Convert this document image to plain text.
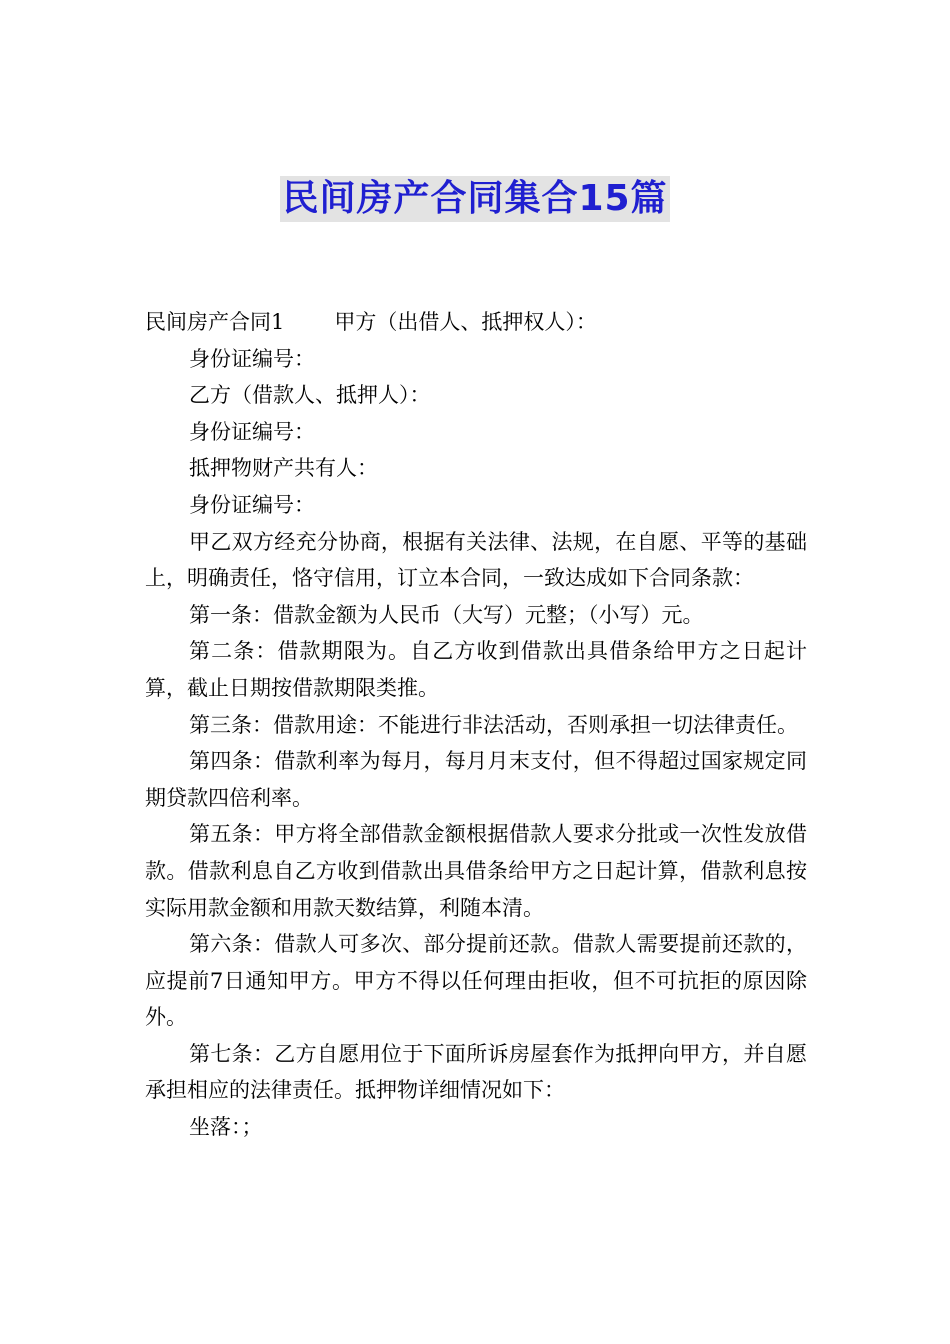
民间房产合同集合15篇

民间房产合同1 甲方（出借人、抵押权人）：

身份证编号：

乙方（借款人、抵押人）：

身份证编号：

抵押物财产共有人：

身份证编号：

甲乙双方经充分协商，根据有关法律、法规，在自愿、平等的基础上，明确责任，恪守信用，订立本合同，一致达成如下合同条款：

第一条：借款金额为人民币（大写）元整；（小写）元。

第二条：借款期限为。自乙方收到借款出具借条给甲方之日起计算，截止日期按借款期限类推。

第三条：借款用途：不能进行非法活动，否则承担一切法律责任。

第四条：借款利率为每月，每月月末支付，但不得超过国家规定同期贷款四倍利率。

第五条：甲方将全部借款金额根据借款人要求分批或一次性发放借款。借款利息自乙方收到借款出具借条给甲方之日起计算，借款利息按实际用款金额和用款天数结算，利随本清。

第六条：借款人可多次、部分提前还款。借款人需要提前还款的，应提前7日通知甲方。甲方不得以任何理由拒收，但不可抗拒的原因除外。

第七条：乙方自愿用位于下面所诉房屋套作为抵押向甲方，并自愿承担相应的法律责任。抵押物详细情况如下：

坐落：；
